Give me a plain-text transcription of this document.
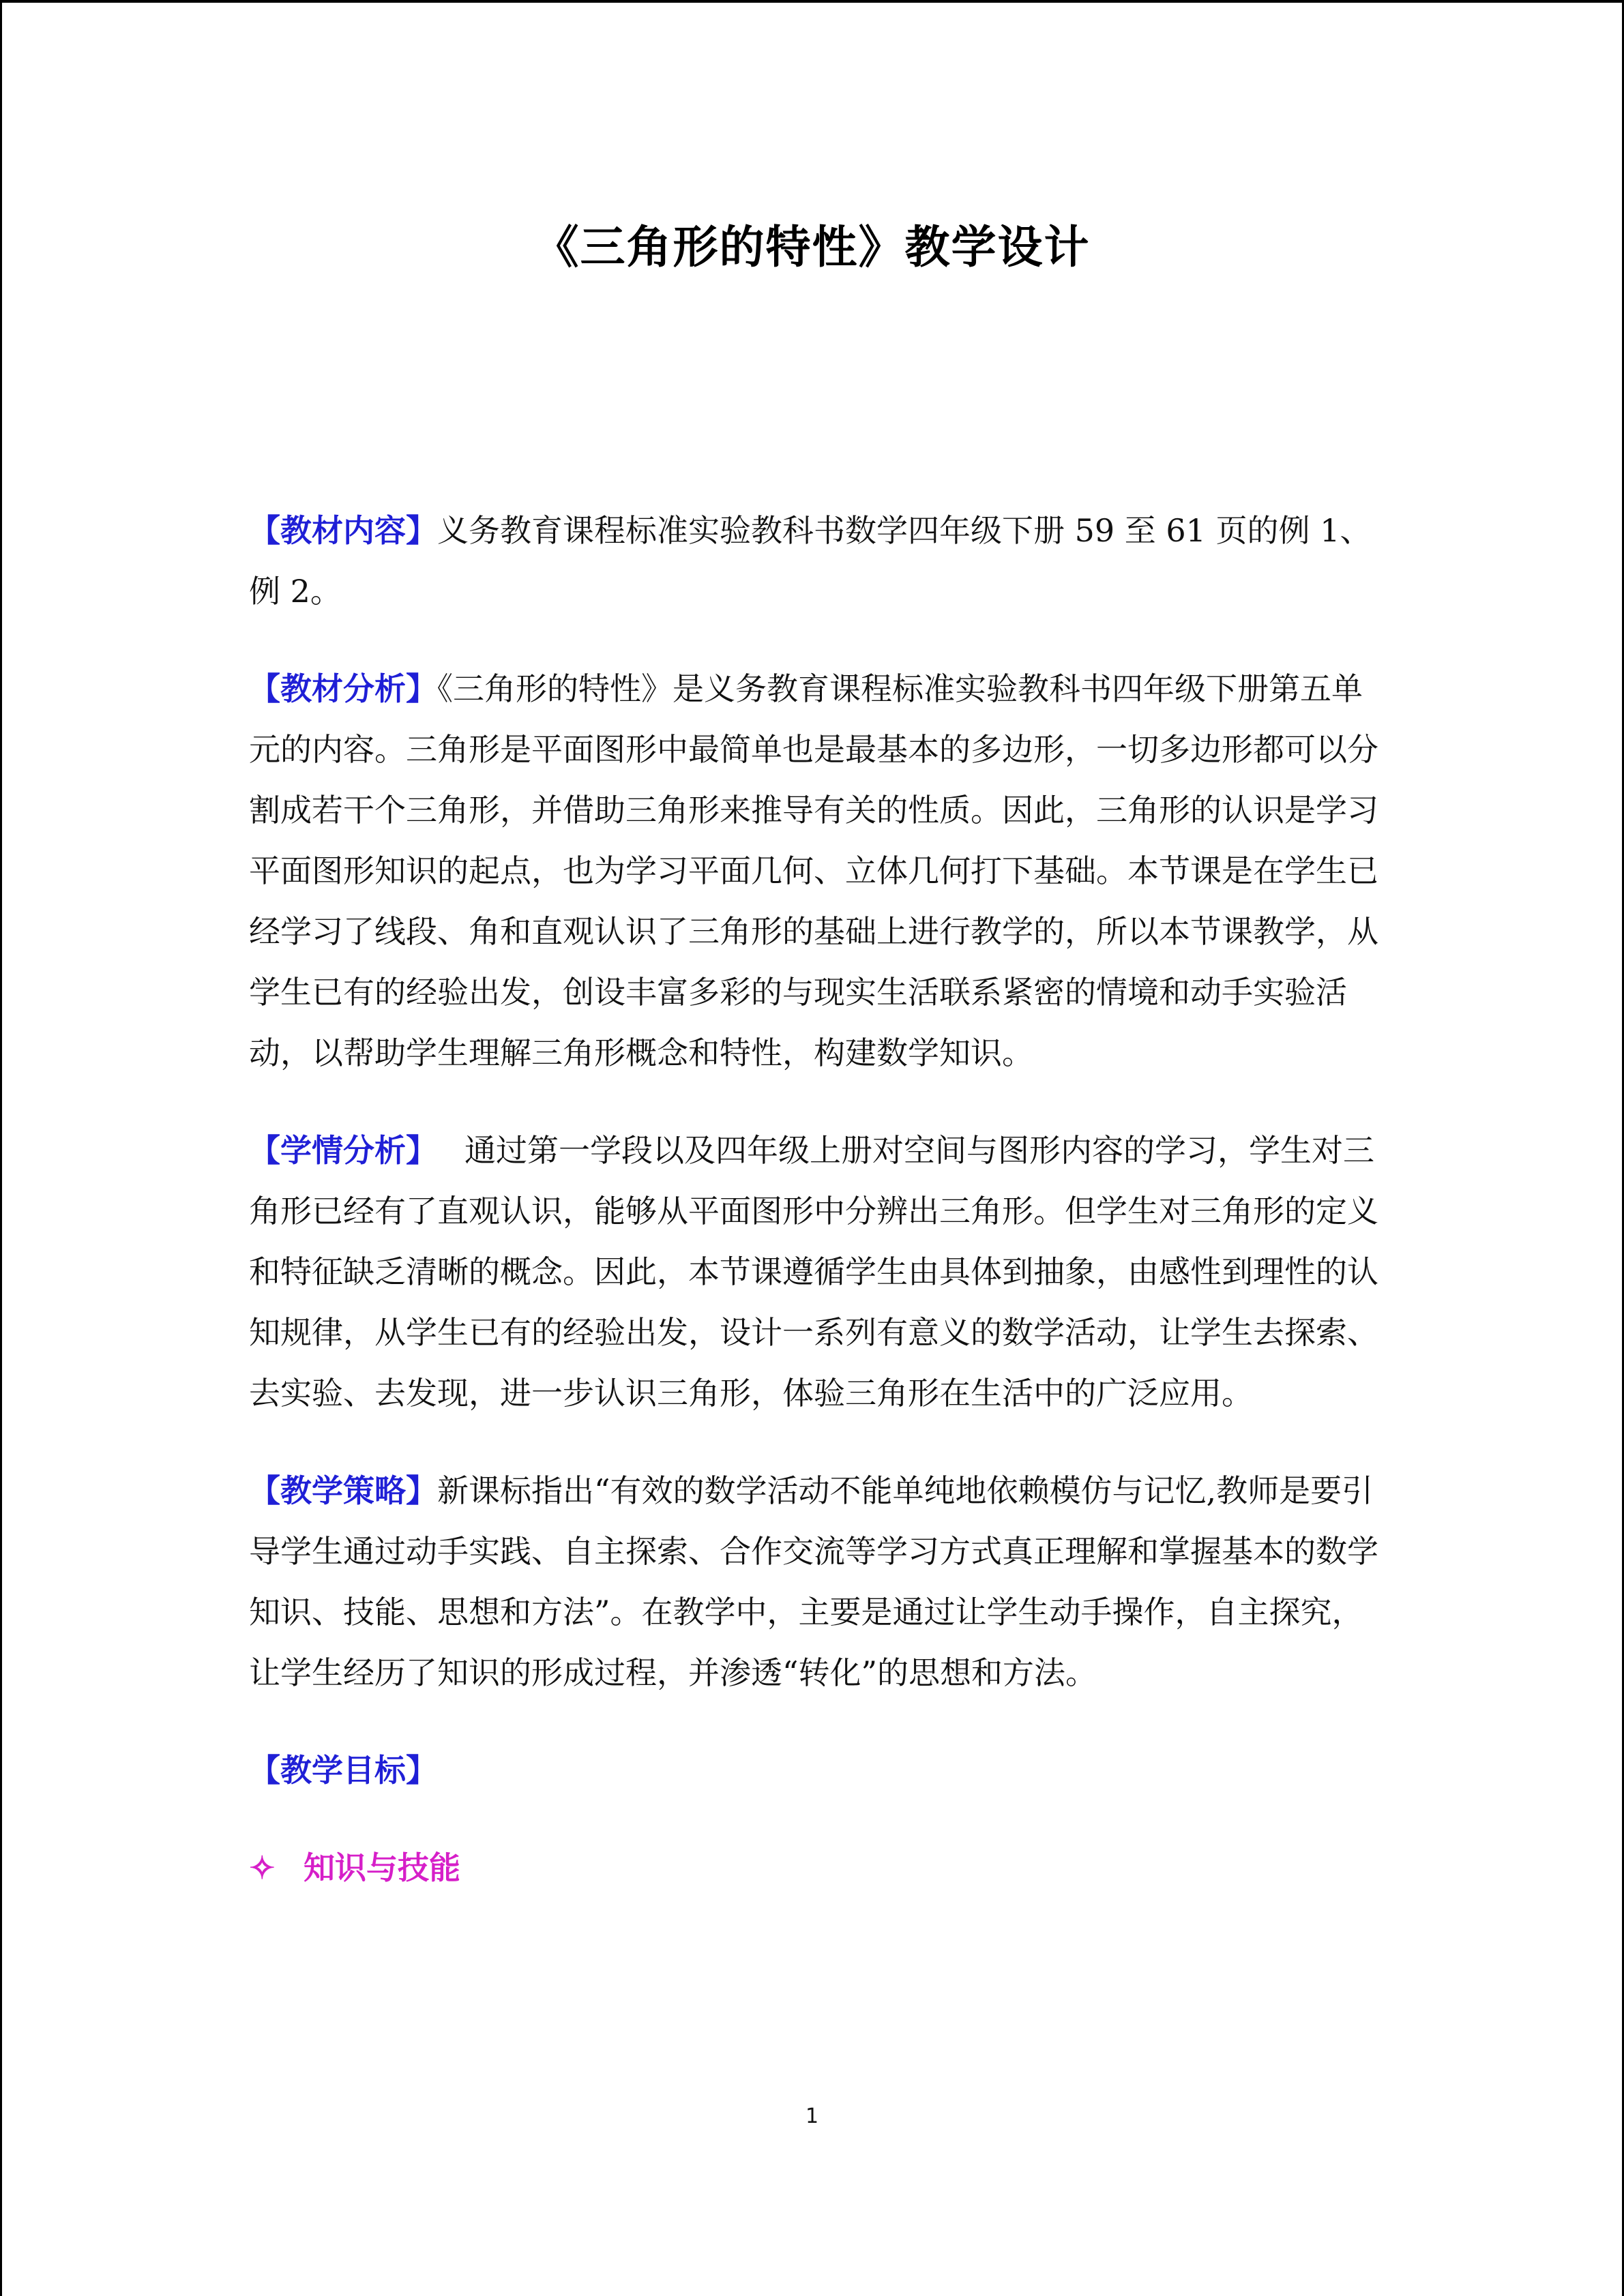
《三角形的特性》教学设计

【教材内容】义务教育课程标准实验教科书数学四年级下册 59 至 61 页的例 1、例 2。

【教材分析】《三角形的特性》是义务教育课程标准实验教科书四年级下册第五单元的内容。三角形是平面图形中最简单也是最基本的多边形，一切多边形都可以分割成若干个三角形，并借助三角形来推导有关的性质。因此，三角形的认识是学习平面图形知识的起点，也为学习平面几何、立体几何打下基础。本节课是在学生已经学习了线段、角和直观认识了三角形的基础上进行教学的，所以本节课教学，从学生已有的经验出发，创设丰富多彩的与现实生活联系紧密的情境和动手实验活动，以帮助学生理解三角形概念和特性，构建数学知识。

【学情分析】 通过第一学段以及四年级上册对空间与图形内容的学习，学生对三角形已经有了直观认识，能够从平面图形中分辨出三角形。但学生对三角形的定义和特征缺乏清晰的概念。因此，本节课遵循学生由具体到抽象，由感性到理性的认知规律，从学生已有的经验出发，设计一系列有意义的数学活动，让学生去探索、去实验、去发现，进一步认识三角形，体验三角形在生活中的广泛应用。

【教学策略】新课标指出“有效的数学活动不能单纯地依赖模仿与记忆,教师是要引导学生通过动手实践、自主探索、合作交流等学习方式真正理解和掌握基本的数学知识、技能、思想和方法”。在教学中，主要是通过让学生动手操作，自主探究，让学生经历了知识的形成过程，并渗透“转化”的思想和方法。

【教学目标】

✧ 知识与技能

1
